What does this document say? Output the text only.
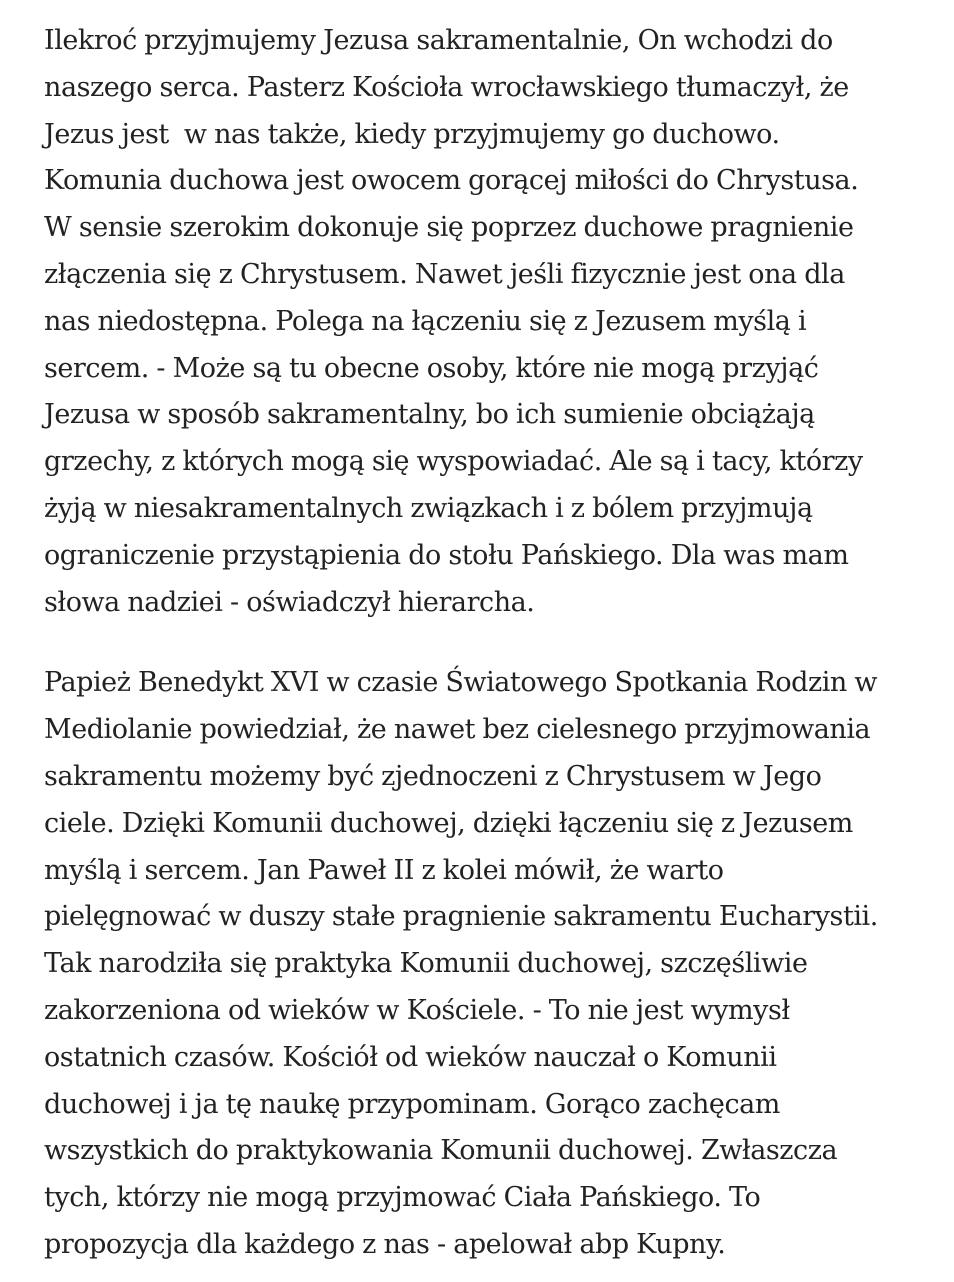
Ilekroć przyjmujemy Jezusa sakramentalnie, On wchodzi do
naszego serca. Pasterz Kościoła wrocławskiego tłumaczył, że
Jezus jest  w nas także, kiedy przyjmujemy go duchowo.
Komunia duchowa jest owocem gorącej miłości do Chrystusa.
W sensie szerokim dokonuje się poprzez duchowe pragnienie
złączenia się z Chrystusem. Nawet jeśli fizycznie jest ona dla
nas niedostępna. Polega na łączeniu się z Jezusem myślą i
sercem. - Może są tu obecne osoby, które nie mogą przyjąć
Jezusa w sposób sakramentalny, bo ich sumienie obciążają
grzechy, z których mogą się wyspowiadać. Ale są i tacy, którzy
żyją w niesakramentalnych związkach i z bólem przyjmują
ograniczenie przystąpienia do stołu Pańskiego. Dla was mam
słowa nadziei - oświadczył hierarcha.

Papież Benedykt XVI w czasie Światowego Spotkania Rodzin w
Mediolanie powiedział, że nawet bez cielesnego przyjmowania
sakramentu możemy być zjednoczeni z Chrystusem w Jego
ciele. Dzięki Komunii duchowej, dzięki łączeniu się z Jezusem
myślą i sercem. Jan Paweł II z kolei mówił, że warto
pielęgnować w duszy stałe pragnienie sakramentu Eucharystii.
Tak narodziła się praktyka Komunii duchowej, szczęśliwie
zakorzeniona od wieków w Kościele. - To nie jest wymysł
ostatnich czasów. Kościół od wieków nauczał o Komunii
duchowej i ja tę naukę przypominam. Gorąco zachęcam
wszystkich do praktykowania Komunii duchowej. Zwłaszcza
tych, którzy nie mogą przyjmować Ciała Pańskiego. To
propozycja dla każdego z nas - apelował abp Kupny.
